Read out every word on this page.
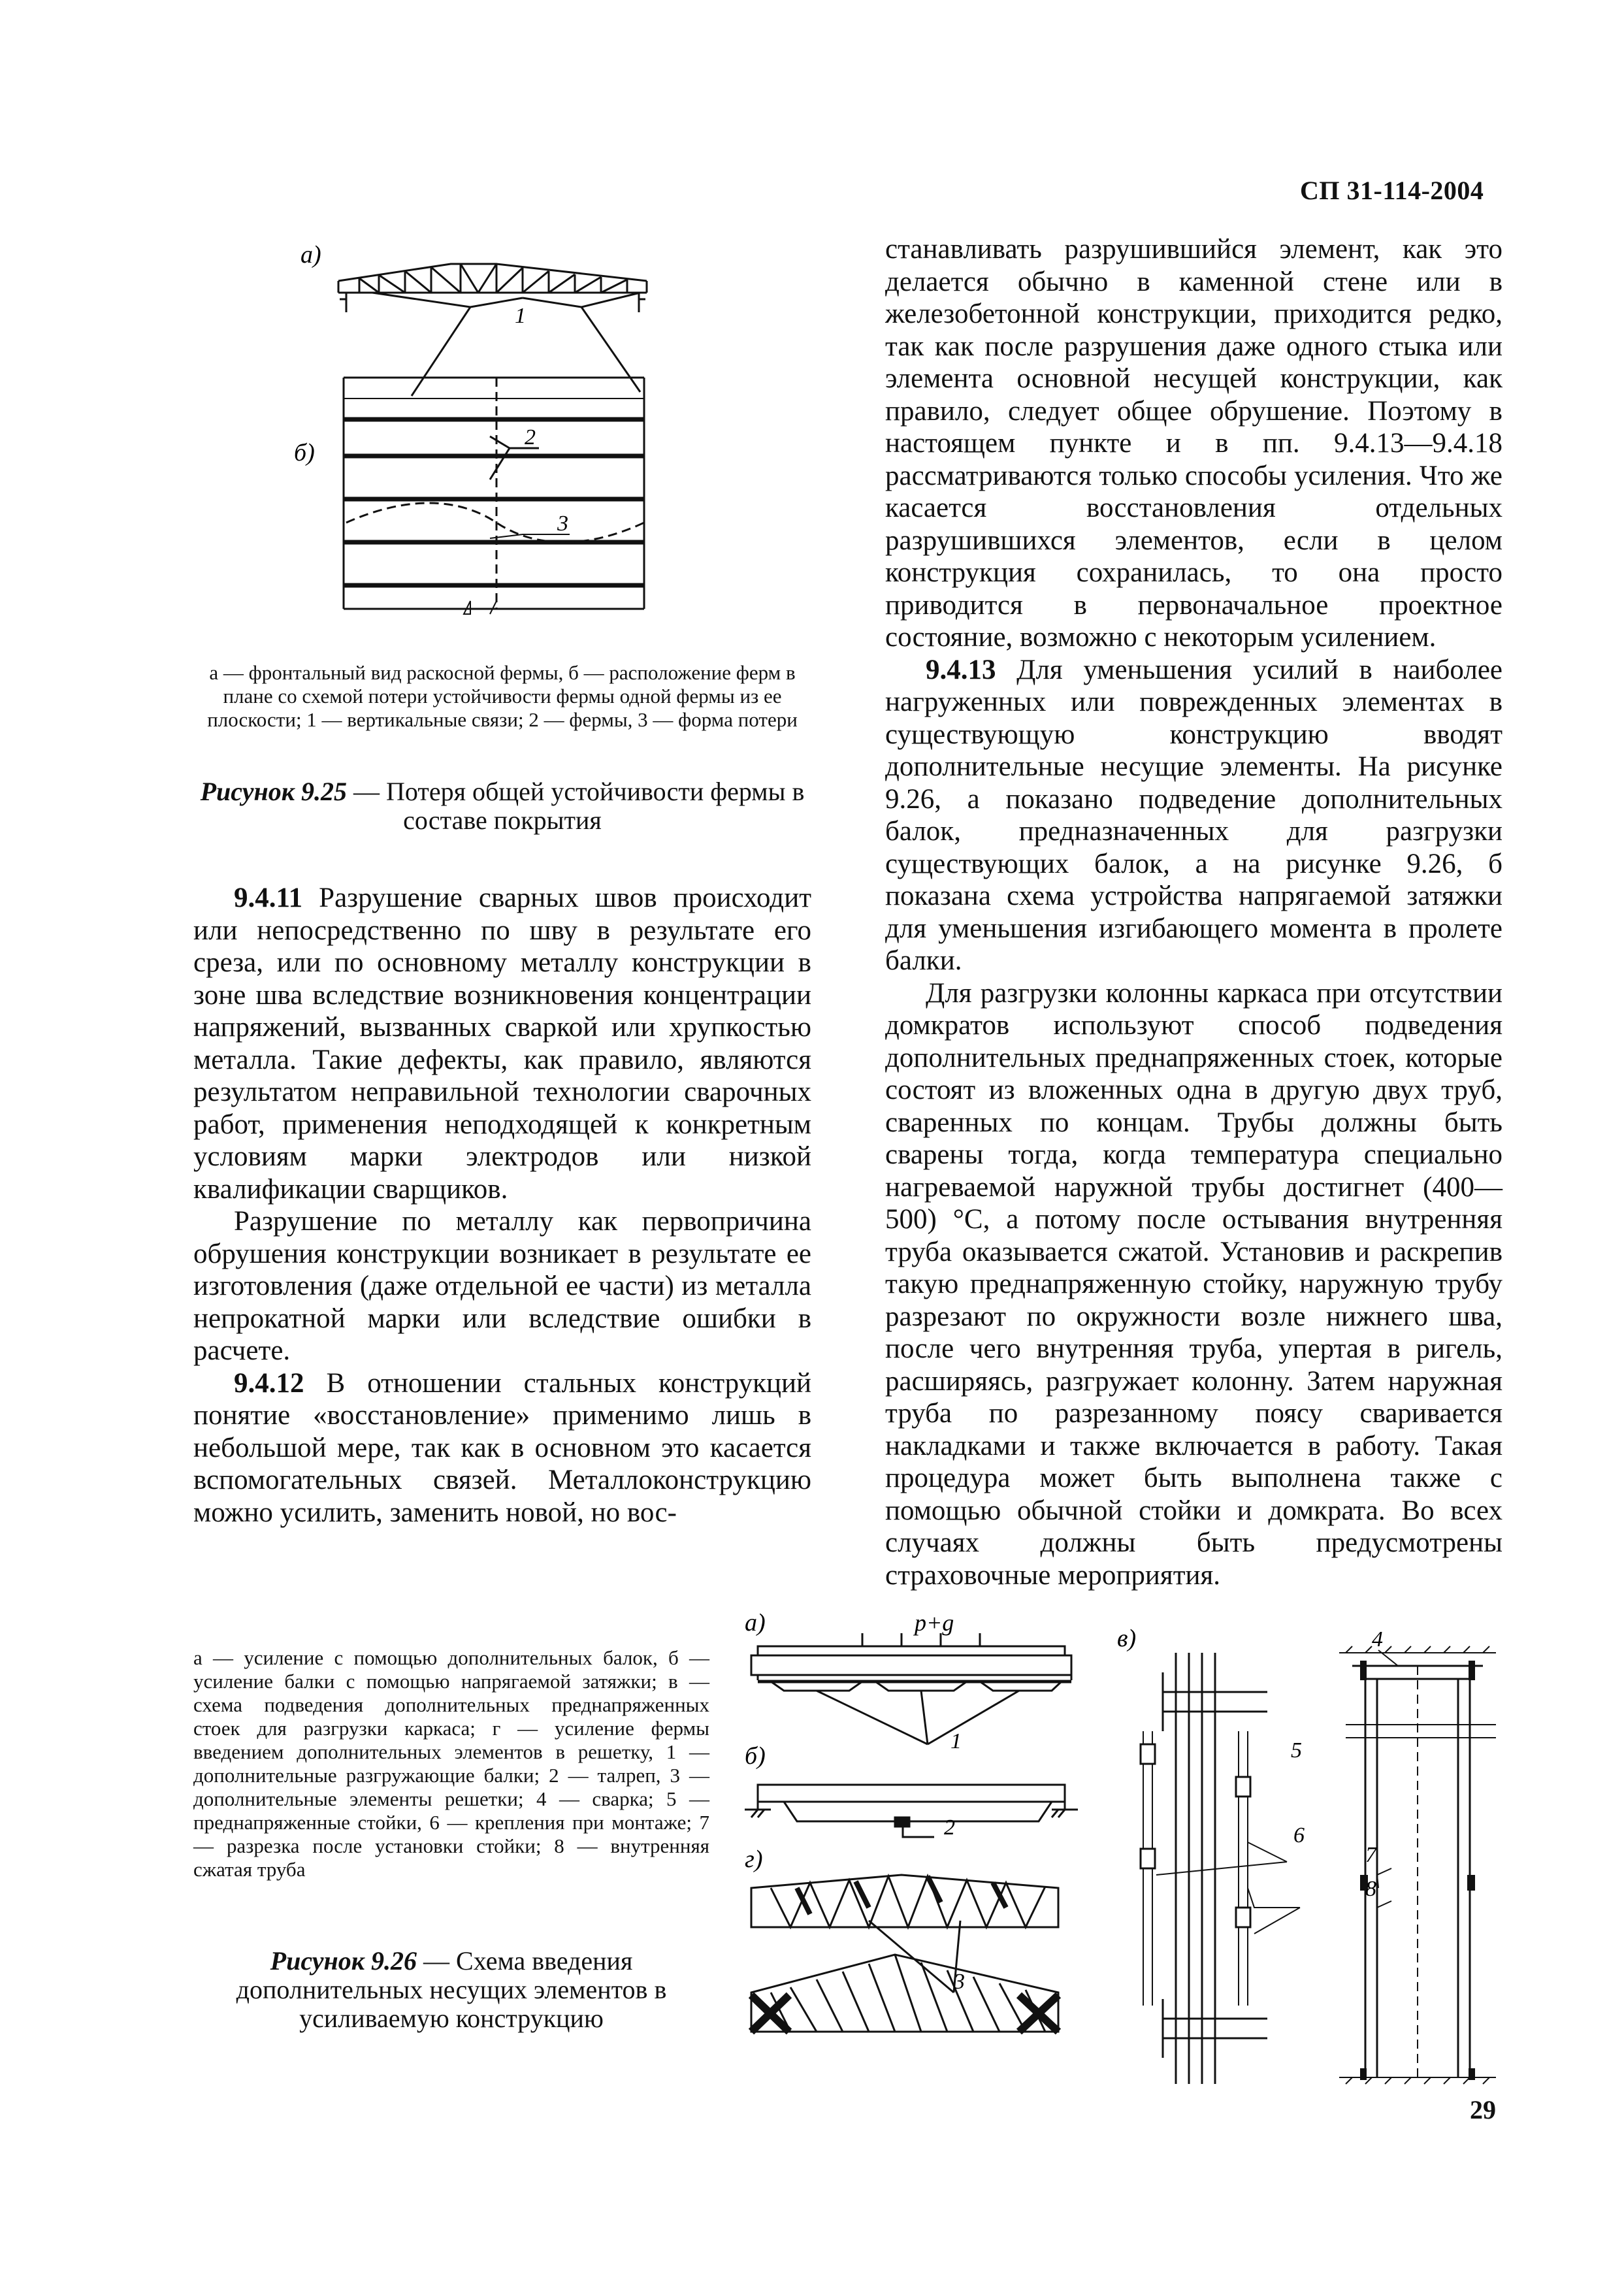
СП 31-114-2004
а)
б)
1
2
3
а — фронтальный вид раскосной фермы, б — расположение ферм в плане со схемой потери устойчивости фермы одной фермы из ее плоскости; 1 — вертикальные связи; 2 — фермы, 3 — форма потери
Рисунок 9.25 — Потеря общей устойчивости фермы в составе покрытия

9.4.11 Разрушение сварных швов происходит или непосредственно по шву в результате его среза, или по основному металлу конструкции в зоне шва вследствие возникновения концентрации напряжений, вызванных сваркой или хрупкостью металла. Такие дефекты, как правило, являются результатом неправильной технологии сварочных работ, применения неподходящей к конкретным условиям марки электродов или низкой квалификации сварщиков.

Разрушение по металлу как первопричина обрушения конструкции возникает в результате ее изготовления (даже отдельной ее части) из металла непрокатной марки или вследствие ошибки в расчете.

9.4.12 В отношении стальных конструкций понятие «восстановление» применимо лишь в небольшой мере, так как в основном это касается вспомогательных связей. Металлоконструкцию можно усилить, заменить новой, но вос-

станавливать разрушившийся элемент, как это делается обычно в каменной стене или в железобетонной конструкции, приходится редко, так как после разрушения даже одного стыка или элемента основной несущей конструкции, как правило, следует общее обрушение. Поэтому в настоящем пункте и в пп. 9.4.13—9.4.18 рассматриваются только способы усиления. Что же касается восстановления отдельных разрушившихся элементов, если в целом конструкция сохранилась, то она просто приводится в первоначальное проектное состояние, возможно с некоторым усилением.

9.4.13 Для уменьшения усилий в наиболее нагруженных или поврежденных элементах в существующую конструкцию вводят дополнительные несущие элементы. На рисунке 9.26, а показано подведение дополнительных балок, предназначенных для разгрузки существующих балок, а на рисунке 9.26, б показана схема устройства напрягаемой затяжки для уменьшения изгибающего момента в пролете балки.

Для разгрузки колонны каркаса при отсутствии домкратов используют способ подведения дополнительных преднапряженных стоек, которые состоят из вложенных одна в другую двух труб, сваренных по концам. Трубы должны быть сварены тогда, когда температура специально нагреваемой наружной трубы достигнет (400—500) °С, а потому после остывания внутренняя труба оказывается сжатой. Установив и раскрепив такую преднапряженную стойку, наружную трубу разрезают по окружности возле нижнего шва, после чего внутренняя труба, упертая в ригель, расширяясь, разгружает колонну. Затем наружная труба по разрезанному поясу сваривается накладками и также включается в работу. Такая процедура может быть выполнена также с помощью обычной стойки и домкрата. Во всех случаях должны быть предусмотрены страховочные мероприятия.

а — усиление с помощью дополнительных балок, б — усиление балки с помощью напрягаемой затяжки; в — схема подведения дополнительных преднапряженных стоек для разгрузки каркаса; г — усиление фермы введением дополнительных элементов в решетку, 1 — дополнительные разгружающие балки; 2 — талреп, 3 — дополнительные элементы решетки; 4 — сварка; 5 — преднапряженные стойки, 6 — крепления при монтаже; 7 — разрезка после установки стойки; 8 — внутренняя сжатая труба
Рисунок 9.26 — Схема введения дополнительных несущих элементов в усиливаемую конструкцию
а)	p+g
1
б)
2
г)
3
в)	4
5
6
7
8
29
